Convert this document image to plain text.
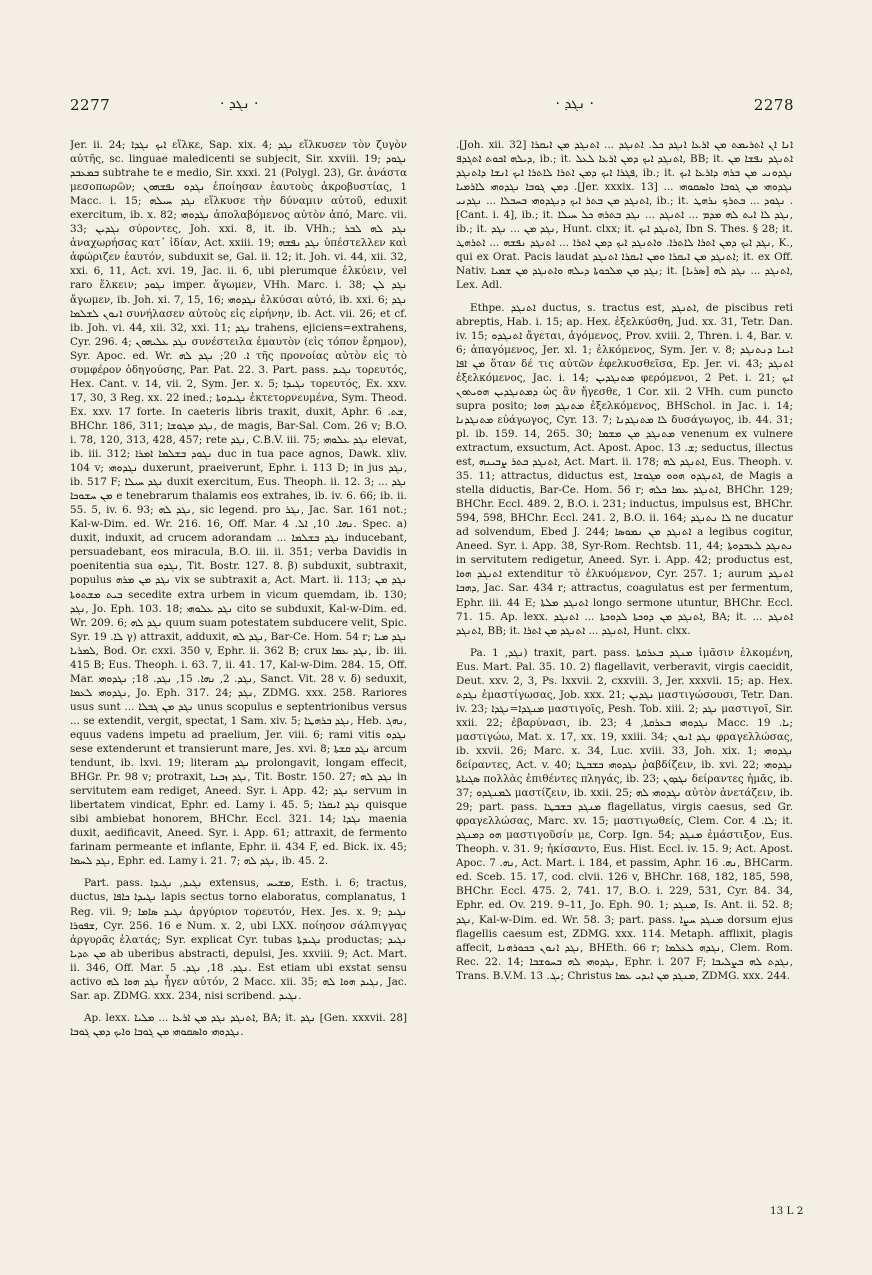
2277	· ܢܓܕ ·	· ܢܓܕ ·	2278

Jer. ii. 24; ܐܝܟ ܢܓܕܐ εἵλκε, Sap. xix. 4; ܢܓܕ εἵλκυσεν τὸν ζυγὸν αὐτῆς, sc. linguae maledicenti se subjecit, Sir. xxviii. 19; ܢܓܘܕ ܒܡܥܒܕ subtrahe te e medio, Sir. xxxi. 21 (Polygl. 23), Gr. ἀνάστα μεσοπωρῶν; ܢܓܕܘ ܢܦܫܗܘܢ ἐποίησαν ἑαυτοὺς ἀκροβυστίας, 1 Macc. i. 15; ܢܓܕ ܚܝܠܗ εἵλκυσε τὴν δύναμιν αὐτοῦ, eduxit exercitum, ib. x. 82; ܢܓܕܘܗܝ ἀπολαβόμενος αὐτὸν ἀπό, Marc. vii. 33; ܢܓܕܝܢ σύροντες, Joh. xxi. 8, it. ib. VHh.; ܢܓܕ ܠܗ ܠܒܪ ἀναχωρήσας κατ᾽ ἰδίαν, Act. xxiii. 19; ܢܓܕ ܢܦܫܗ ὑπέστελλεν καὶ ἀφώριζεν ἑαυτόν, subduxit se, Gal. ii. 12; it. Joh. vi. 44, xii. 32, xxi. 6, 11, Act. xvi. 19, Jac. ii. 6, ubi plerumque ἑλκύειν, vel raro ἕλκειν; ܢܓܘܕ imper. ἄγωμεν, VHh. Marc. i. 38; ܢܓܕ ܠܢ ἄγωμεν, ib. Joh. xi. 7, 15, 16; ܢܓܕܘܗܝ ἑλκύσαι αὐτό, ib. xxi. 6; ܢܓܕ ܐܢܘܢ ܠܫܠܡܐ συνήλασεν αὐτοὺς εἰς εἰρήνην, ib. Act. vii. 26; et cf. ib. Joh. vi. 44, xii. 32, xxi. 11; ܢܓܕ trahens, ejiciens=extrahens, Cyr. 296. 4; ܢܓܕ ܥܠܝܗܘܢ συνέστειλα ἐμαυτὸν (εἰς τόπον ἔρημον), Syr. Apoc. ed. Wr. ܐ. 20; ܢܓܕ ܠܗ τῆς προνοίας αὐτὸν εἰς τὸ συμφέρον ὁδηγούσης, Par. Pat. 22. 3. Part. pass. ܢܓܝܕ τορευτός, Hex. Cant. v. 14, vii. 2, Sym. Jer. x. 5; ܢܓܝܕܐ τορευτός, Ex. xxv. 17, 30, 3 Reg. xx. 22 ined.; ܢܓܝܕܘܬܐ ἐκτετορνευμένα, Sym. Theod. Ex. xxv. 17 forte. In caeteris libris traxit, duxit, Aphr. ܫܬ. 6, BHChr. 186, 311; ܢܓܕ ܡܓܘܫܐ, de magis, Bar-Sal. Com. 26 v; B.O. i. 78, 120, 313, 428, 457; rete ܢܓܕ, C.B.V. iii. 75; ܢܓܕ ܥܠܘܗܝ elevat, ib. iii. 312; ܢܓܘܕ ܒܫܠܡܐ ܐܡܪܐ duc in tua pace agnos, Dawk. xliv. 104 v; ܢܓܕܘܗܝ duxerunt, praeiverunt, Ephr. i. 113 D; in jus ܢܓܕ, ib. 517 F; ܢܓܕ ܚܝܠܐ duxit exercitum, Eus. Theoph. ii. 12. 3; ... ܢܓܕ ܡܢ ܚܫܘܟܐ e tenebrarum thalamis eos extrahes, ib. iv. 6. 66; ib. ii. 55. 5, iv. 6. 93; ܢܓܕ ܠܗ, sic legend. pro ܢܓܪ, Jac. Sar. 161 not.; Kal-w-Dim. ed. Wr. 216. 16, Off. Mar. ܢܗܐ. 10, ܐܠ. 4. Spec. a) duxit, induxit, ad crucem adorandam ... ܢܓܕ ܒܫܠܡܐ inducebant, persuadebant, eos miracula, B.O. iii. ii. 351; verba Davidis in poenitentia sua ܢܓܕܘ, Tit. Bostr. 127. 8. β) subduxit, subtraxit, populus ܢܓܕ ܡܢ ܡܪܗ vix se subtraxit a, Act. Mart. ii. 113; ܢܓܕ ܡܢ ܒܝܬ ܡܫܬܘܬܐ secedite extra urbem in vicum quemdam, ib. 130; ܢܓܕ, Jo. Eph. 103. 18; ܢܓܕ ܥܠܘܗܝ cito se subduxit, Kal-w-Dim. ed. Wr. 209. 6; ܢܓܕ ܠܗ quum suam potestatem subducere velit, Spic. Syr. ܠܐ. 19 γ) attraxit, adduxit, ܢܓܕ ܠܗ, Bar-Ce. Hom. 54 r; ܢܓܕ ܡܝܐ ܠܡܪܝܐ, Bod. Or. cxxi. 350 v, Ephr. ii. 362 B; crux ܢܓܕ ܥܡܐ, ib. iii. 415 B; Eus. Theoph. i. 63. 7, ii. 41. 17, Kal-w-Dim. 284. 15, Off. Mar. ܢܓܕ. 2, ܢܗܐ. 15, ܢܓܕ. 18; ܢܓܕܘܗܝ, Sanct. Vit. 28 v. δ) seduxit, ܢܓܕܘܗܝ ܠܥܡܐ, Jo. Eph. 317. 24; ܢܓܕ, ZDMG. xxx. 258. Rariores usus sunt ... ܢܓܕ ܡܢ ܓܒܠܐ unus scopulus e septentrionibus versus ... se extendit, vergit, spectat, 1 Sam. xiv. 5; ܢܓܕ ܒܪܗܛܐ, Heb. ܢܗܓ, equus vadens impetu ad praelium, Jer. viii. 6; rami vitis ܢܓܕܘ sese extenderunt et transierunt mare, Jes. xvi. 8; ܢܓܕ ܩܫܬܐ arcum tendunt, ib. lxvi. 19; literam ܢܓܕ prolongavit, longam effecit, BHGr. Pr. 98 v; protraxit, ܢܓܕ ܙܒܢܐ, Tit. Bostr. 150. 27; ܢܓܕ ܠܗ in servitutem eam rediget, Aneed. Syr. i. App. 42; ܢܓܕ servum in libertatem vindicat, Ephr. ed. Lamy i. 45. 5; ܢܓܕ ܐܝܩܪܐ quisque sibi ambiebat honorem, BHChr. Eccl. 321. 14; ܢܓܕܐ maenia duxit, aedificavit, Aneed. Syr. i. App. 61; attraxit, de fermento farinam permeante et inflante, Ephr. ii. 434 F, ed. Bick. ix. 45; ܢܓܕ ܠܚܡܐ, Ephr. ed. Lamy i. 21. 7; ܢܓܕ ܠܗ, ib. 45. 2.

Part. pass. ܢܓܝܕ, ܢܓܝܕܐ extensus, ܡܫܝܚ, Esth. i. 6; tractus, ductus, ܢܓܝܕܐ ܟܐܦܐ lapis sectus torno elaboratus, complanatus, 1 Reg. vii. 9; ܢܓܝܕ ܣܐܡܐ ἀργύριον τορευτόν, Hex. Jes. x. 9; ܢܓܝܕ ܫܦܘܪܐ, Cyr. 256. 16 e Num. x. 2, ubi LXX. ποίησον σάλπιγγας ἀργυρᾶς ἐλατάς; Syr. explicat Cyr. tubas ܢܓܝܕܬܐ productas; ܢܓܝܕ ܡܢ ܬܕܝܐ ab uberibus abstracti, depulsi, Jes. xxviii. 9; Act. Mart. ii. 346, Off. Mar. ܢܓܕ. 18, ܢܓܕ. 5. Est etiam ubi exstat sensu activo ܢܓܕ ܗܘܐ ܠܗ ἦγεν αὐτόν, 2 Macc. xii. 35; ܢܓܝܕ ܗܘܐ ܠܗ, Jac. Sar. ap. ZDMG. xxx. 234, nisi scribend. ܢܓܝܕ.

Ap. lexx. ܐܬܢܓܕ ܢܓܕ ܡܢ ܐܪܥܐ ... ܡܠܝܐ, BA; it. ܢܓܕ [Gen. xxxvii. 28] ܢܓܕܘܗܝ ܘܐܣܩܘܗܝ ܡܢ ܓܘܒܐ ܘܐܝܟ ܕܡܢ ܓܘܒܐ.

.[Joh. xii. 32] ܐܢܐ ܐܢ ܐܬܪܝܡܬ ܡܢ ܐܪܥܐ ܐܢܓܕ ܟܠ. ܐܬܢܓܕ ... ܐܬܢܓܕ ܡܢ ܐܝܩܪܐ ܕܝܠܗ ܐܟܘܬ ܐܬܓܕܦ, ib.; it. ܐܬܢܓܕ ܐܝܟ ܕܡܢ ܐܪܥܐ ܠܥܠ, BB; it. ܐܬܢܓܕ ܢܦܫܐ ܡܢ ܦܓܪܐ ܐܝܟ ܕܡܢ ܐܬܪܐ ܠܐܬܪܐ ܐܝܟ ܐܢܫܐ ܕܐܬܢܓܕ, ib.; it. ܢܓܕܘܢܝ ܡܢ ܒܪܗ ܕܐܪܥܐ ܐܝܟ ܕܡܢ ܓܘܒܐ ܢܓܕܘܗܝ ܠܐܪܡܝܐ .[Jer. xxxix. 13] ܢܓܕܘܗܝ ܡܢ ܓܘܒܐ ܘܐܣܩܘܗܝ ... ܐܬܢܓܕ ܡܢ ܒܬܪ ܐܝܟ ܕܢܓܕܘܗܝ ܒܚܒܠܐ ... ܢܓܕܢܝ, ib.; it. ܢܓܘܕ ... ܒܬܪܟ ܢܪܗܛ .[Cant. i. 4], ib.; it. ܢܓܕ ܠܐ ܐܝܬ ܠܗ ܡܕܡ ... ܐܬܢܓܕ ... ܢܓܕ ܒܬܪܗ ܟܠ ܚܝܠܐ, ib.; it. ܢܓܕ ܡܢ ... ܢܓܕ, Hunt. clxx; it. ܐܬܢܓܕ ܐܝܟ, Ibn S. Thes. § 28; it. ܢܓܕ ܐܝܟ ܕܡܢ ܐܬܪܐ ܠܐܬܪܐ. ܘܐܬܢܓܕ ܐܝܟ ܕܡܢ ܐܬܪܐ ... ܐܬܢܓܕ ܢܦܫܗ ... ܐܬܪܗܛ, K., qui ex Orat. Pacis laudat ܐܬܢܓܕ ܡܢ ܐܝܩܪܐ ܘܡܢ ܐܝܩܪܐ ܐܬܢܓܕ; it. ex Off. Nativ. ܢܓܕ ܡܢ ܡܠܟܘܬܐ ܕܝܠܗ ܘܐܬܢܓܕ ܡܢ ܫܡܝܐ; it. ܐܬܢܓܕ ... ܢܓܕ ܠܗ [ܣܪܝܐ], Lex. Adl.

Ethpe. ܐܬܢܓܕ ductus, s. tractus est, ܐܬܢܓܕ, de piscibus reti abreptis, Hab. i. 15; ap. Hex. ἐξελκύσθη, Jud. xx. 31, Tetr. Dan. iv. 15; ܐܬܢܓܕܘ ἄγεται, ἀγόμενος, Prov. xviii. 2, Thren. i. 4, Bar. v. 6; ἀπαγόμενος, Jer. xl. 1; ἑλκόμενος, Sym. Jer. v. 8; ܐܝܢܐ ܕܢܬܢܓܕ ܡܢ ܐܦܐ ὅταν δέ τις αὐτῶν ἐφελκυσθεῖσα, Ep. Jer. vi. 43; ܐܬܢܓܕ ἐξελκόμενος, Jac. i. 14; ܡܬܢܓܕܝܢ φερόμενοι, 2 Pet. i. 21; ܐܝܟ ܕܡܬܢܓܕܝܢ ܗܘܝܬܘܢ ὡς ἂν ἤγεσθε, 1 Cor. xii. 2 VHh. cum puncto supra posito; ܡܬܢܓܕ ܗܘܐ ἐξελκόμενος, BHSchol. in Jac. i. 14; ܡܬܢܓܕܢܐ εὐάγωγος, Cyr. 13. 7; ܠܐ ܡܬܢܓܕܢܐ δυσάγωγος, ib. 44. 31; pl. ib. 159. 14, 265. 30; ܡܬܢܓܕ ܡܢ ܡܫܡܐ venenum ex vulnere extractum, exsuctum, Act. Apost. Apoc. ܫ. 13; seductus, illectus est, ܐܬܢܓܕ ܒܬܪ ܨܒܝܢܗ, Act. Mart. ii. 178; ܐܬܢܓܕ ܠܗ, Eus. Theoph. v. 35. 11; attractus, diductus est, ܐܬܢܓܕܘ ܗܘܘ ܡܓܘܫܐ, de Magis a stella diductis, Bar-Ce. Hom. 56 r; ܐܬܢܓܕ ܥܡܐ ܟܠܗ, BHChr. 129; BHChr. Eccl. 489. 2, B.O. i. 231; inductus, impulsus est, BHChr. 594, 598, BHChr. Eccl. 241. 2, B.O. ii. 164; ܠܐ ܢܬܢܓܕ ne ducatur ad solvendum, Ebed J. 244; ܐܬܢܓܕ ܡܢ ܢܡܘܣܐ a legibus cogitur, Aneed. Syr. i. App. 38, Syr-Rom. Rechtsb. 11, 44; ܢܬܢܓܕ ܠܥܒܕܘܬܐ in servitutem redigetur, Aneed. Syr. i. App. 42; productus est, ܐܬܢܓܕ ܗܘܐ extenditur τὸ ἐλκυόμενον, Cyr. 257. 1; aurum ܐܬܢܓܕ ܕܗܒܐ, Jac. Sar. 434 r; attractus, coagulatus est per fermentum, Ephr. iii. 44 E; ܐܬܢܓܕ ܡܠܬܐ longo sermone utuntur, BHChr. Eccl. 71. 15. Ap. lexx. ܐܬܢܓܕ ܡܢ ܕܘܟܬܐ ܠܕܘܟܬܐ ... ܐܬܢܓܕ, BA; it. ܐܬܢܓܕ ... ܐܬܢܓܕ, BB; it. ܐܬܢܓܕ ... ܐܬܢܓܕ ܡܢ ܐܬܪܐ, Hunt. clxx.

Pa. ܢܓܕ, 1) traxit, part. pass. ܡܢܓܕ ܒܥܪܩܬܐ ἱμᾶσιν ἑλκομένη, Eus. Mart. Pal. 35. 10. 2) flagellavit, verberavit, virgis caecidit, Deut. xxv. 2, 3, Ps. lxxvii. 2, cxxviii. 3, Jer. xxxvii. 15; ap. Hex. ܢܓܕܬ ἐμαστίγωσας, Job. xxx. 21; ܢܓܕܝܢ μαστιγώσουσι, Tetr. Dan. iv. 23; ܡܢܓܕܐ=ܢܓܕܐ μαστιγοῖς, Pesh. Tob. xiii. 2; ܢܓܕ μαστιγοῖ, Sir. xxii. 22; ἐβαρύνασι, ib. 23; ܢܓܕܘܗܝ ܒܥܪܩܬܐ, 4 Macc. ܝܐ. 19; μαστιγώω, Mat. x. 17, xx. 19, xxiii. 34; ܢܓܕ ܐܢܘܢ φραγελλώσας, ib. xxvii. 26; Marc. x. 34, Luc. xviii. 33, Joh. xix. 1; ܢܓܕܘܗܝ δείραντες, Act. v. 40; ܢܓܕܘܗܝ ܒܫܒܛܐ ῥαβδίζειν, ib. xvi. 22; ܢܓܕܘܗܝ ܣܓܝܐܬܐ πολλὰς ἐπιθέντες πληγάς, ib. 23; ܢܓܕܘܢ δείραντες ἡμᾶς, ib. 37; ܠܡܢܓܕܘ μαστίζειν, ib. xxii. 25; ܢܓܕܘܗܝ ܠܗ αὐτὸν ἀνετάζειν, ib. 29; part. pass. ܡܢܓܕ ܒܫܒܛܐ flagellatus, virgis caesus, sed Gr. φραγελλώσας, Marc. xv. 15; μαστιγωθείς, Clem. Cor. ܠܐ. 4; it. ܗܘ ܕܡܢܓܕ μαστιγοῦσίν με, Corp. Ign. 54; ܡܢܓܕ ἐμάστιξον, Eus. Theoph. v. 31. 9; ἠκίσαντο, Eus. Hist. Eccl. iv. 15. 9; Act. Apost. Apoc. ܢܗ. 7, Act. Mart. i. 184, et passim, Aphr. ܢܗ. 16, BHCarm. ed. Sceb. 15. 17, cod. clvii. 126 v, BHChr. 168, 182, 185, 598, BHChr. Eccl. 475. 2, 741. 17, B.O. i. 229, 531, Cyr. 84. 34, Ephr. ed. Ov. 219. 9–11, Jo. Eph. 90. 1; ܡܢܓܕ, Is. Ant. ii. 52. 8; ܢܓܕ, Kal-w-Dim. ed. Wr. 58. 3; part. pass. ܡܢܓܕ ܚܨܐ dorsum ejus flagellis caesum est, ZDMG. xxx. 114. Metaph. afflixit, plagis affecit, ܢܓܕ ܐܢܘܢ ܒܟܘܪܗܢܐ, BHEth. 66 r; ܢܓܕܗ ܠܥܠܡܐ, Clem. Rom. Rec. 22. 14; ܢܓܕܘܗܝ ܠܗ ܒܚܘܫܒܐ, Ephr. i. 207 F; ܢܓܕܬ ܠܗ ܒܨܠܝܒܐ, Trans. B.V.M. ܝܓ. 13; Christus ܡܢܓܕ ܡܢ ܐܝܕܝ ܥܡܐ, ZDMG. xxx. 244.

13 L 2
